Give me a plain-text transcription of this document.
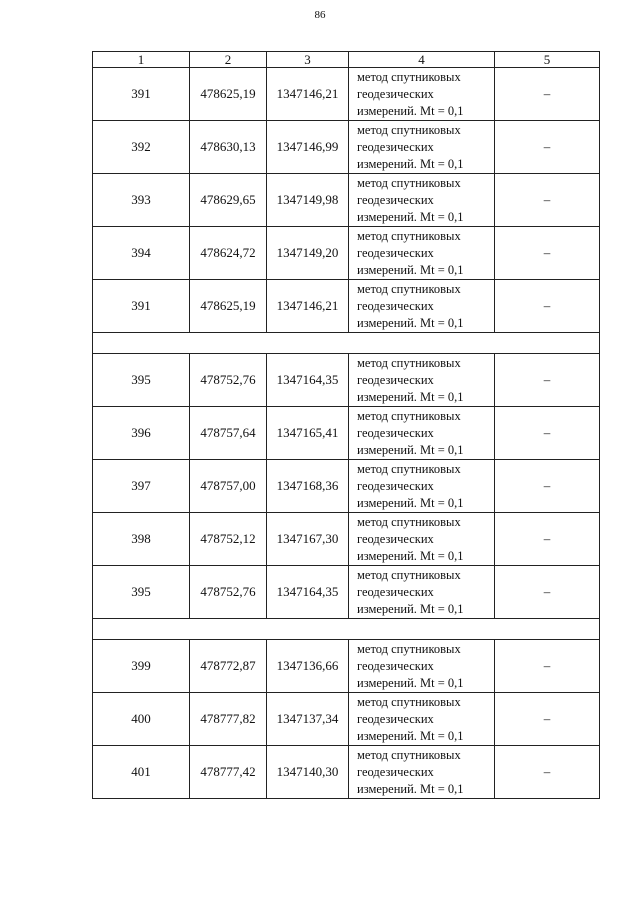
86
1	2	3	4	5
391	478625,19	1347146,21	метод спутниковых
геодезических
измерений. Mt = 0,1	–
392	478630,13	1347146,99	метод спутниковых
геодезических
измерений. Mt = 0,1	–
393	478629,65	1347149,98	метод спутниковых
геодезических
измерений. Mt = 0,1	–
394	478624,72	1347149,20	метод спутниковых
геодезических
измерений. Mt = 0,1	–
391	478625,19	1347146,21	метод спутниковых
геодезических
измерений. Mt = 0,1	–

395	478752,76	1347164,35	метод спутниковых
геодезических
измерений. Mt = 0,1	–
396	478757,64	1347165,41	метод спутниковых
геодезических
измерений. Mt = 0,1	–
397	478757,00	1347168,36	метод спутниковых
геодезических
измерений. Mt = 0,1	–
398	478752,12	1347167,30	метод спутниковых
геодезических
измерений. Mt = 0,1	–
395	478752,76	1347164,35	метод спутниковых
геодезических
измерений. Mt = 0,1	–

399	478772,87	1347136,66	метод спутниковых
геодезических
измерений. Mt = 0,1	–
400	478777,82	1347137,34	метод спутниковых
геодезических
измерений. Mt = 0,1	–
401	478777,42	1347140,30	метод спутниковых
геодезических
измерений. Mt = 0,1	–
